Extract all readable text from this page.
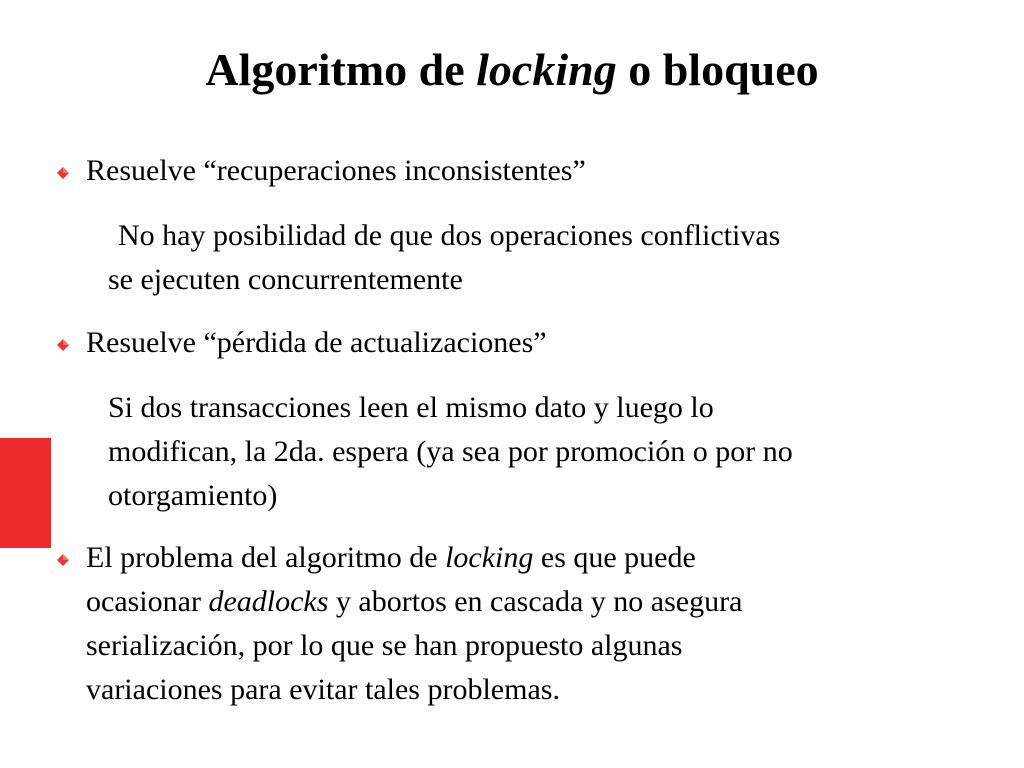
Algoritmo de locking o bloqueo
Resuelve “recuperaciones inconsistentes”
No hay posibilidad de que dos operaciones conflictivas
se ejecuten concurrentemente
Resuelve “pérdida de actualizaciones”
Si dos transacciones leen el mismo dato y luego lo
modifican, la 2da. espera (ya sea por promoción o por no
otorgamiento)
El problema del algoritmo de locking es que puede
ocasionar deadlocks y abortos en cascada y no asegura
serialización, por lo que se han propuesto algunas
variaciones para evitar tales problemas.
